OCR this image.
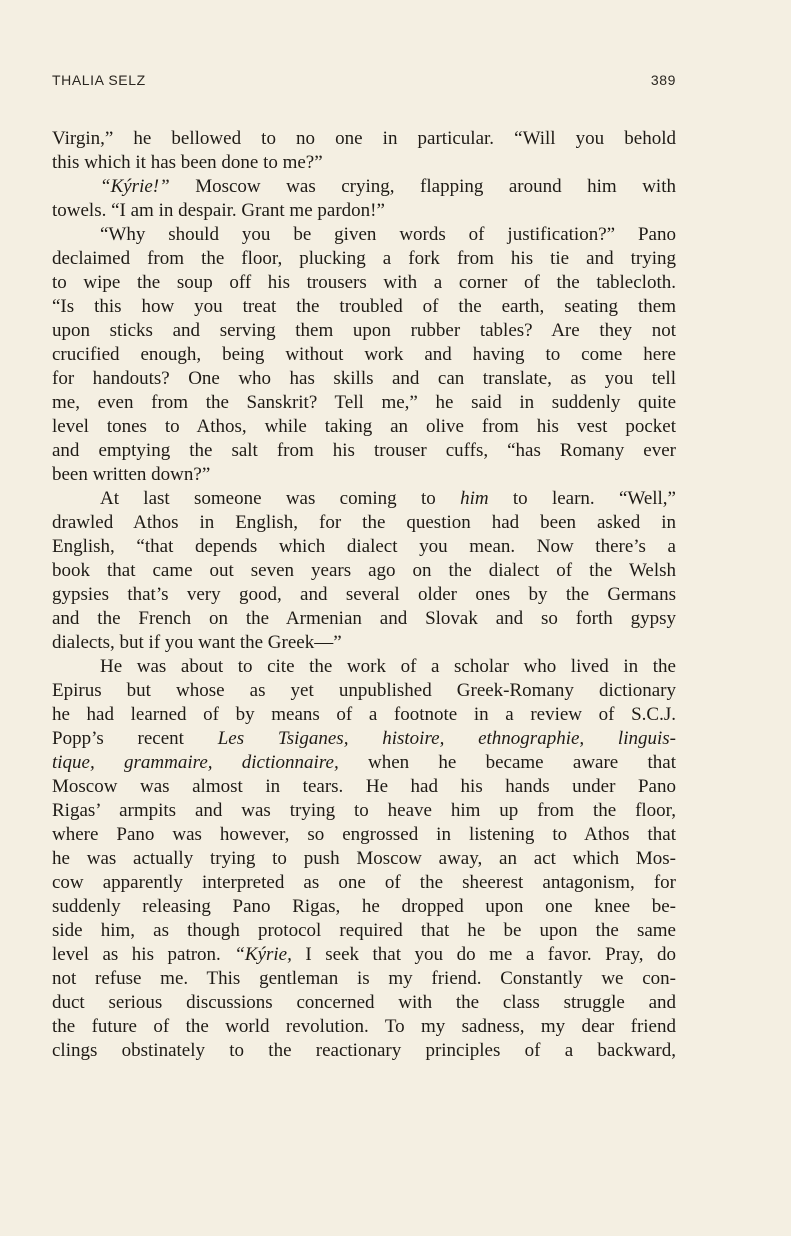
THALIA SELZ	389
Virgin,” he bellowed to no one in particular. “Will you behold
this which it has been done to me?”
“Kýrie!” Moscow was crying, flapping around him with
towels. “I am in despair. Grant me pardon!”
“Why should you be given words of justification?” Pano
declaimed from the floor, plucking a fork from his tie and trying
to wipe the soup off his trousers with a corner of the tablecloth.
“Is this how you treat the troubled of the earth, seating them
upon sticks and serving them upon rubber tables? Are they not
crucified enough, being without work and having to come here
for handouts? One who has skills and can translate, as you tell
me, even from the Sanskrit? Tell me,” he said in suddenly quite
level tones to Athos, while taking an olive from his vest pocket
and emptying the salt from his trouser cuffs, “has Romany ever
been written down?”
At last someone was coming to him to learn. “Well,”
drawled Athos in English, for the question had been asked in
English, “that depends which dialect you mean. Now there’s a
book that came out seven years ago on the dialect of the Welsh
gypsies that’s very good, and several older ones by the Germans
and the French on the Armenian and Slovak and so forth gypsy
dialects, but if you want the Greek—”
He was about to cite the work of a scholar who lived in the
Epirus but whose as yet unpublished Greek-Romany dictionary
he had learned of by means of a footnote in a review of S.C.J.
Popp’s recent Les Tsiganes, histoire, ethnographie, linguis-
tique, grammaire, dictionnaire, when he became aware that
Moscow was almost in tears. He had his hands under Pano
Rigas’ armpits and was trying to heave him up from the floor,
where Pano was however, so engrossed in listening to Athos that
he was actually trying to push Moscow away, an act which Mos-
cow apparently interpreted as one of the sheerest antagonism, for
suddenly releasing Pano Rigas, he dropped upon one knee be-
side him, as though protocol required that he be upon the same
level as his patron. “Kýrie, I seek that you do me a favor. Pray, do
not refuse me. This gentleman is my friend. Constantly we con-
duct serious discussions concerned with the class struggle and
the future of the world revolution. To my sadness, my dear friend
clings obstinately to the reactionary principles of a backward,
